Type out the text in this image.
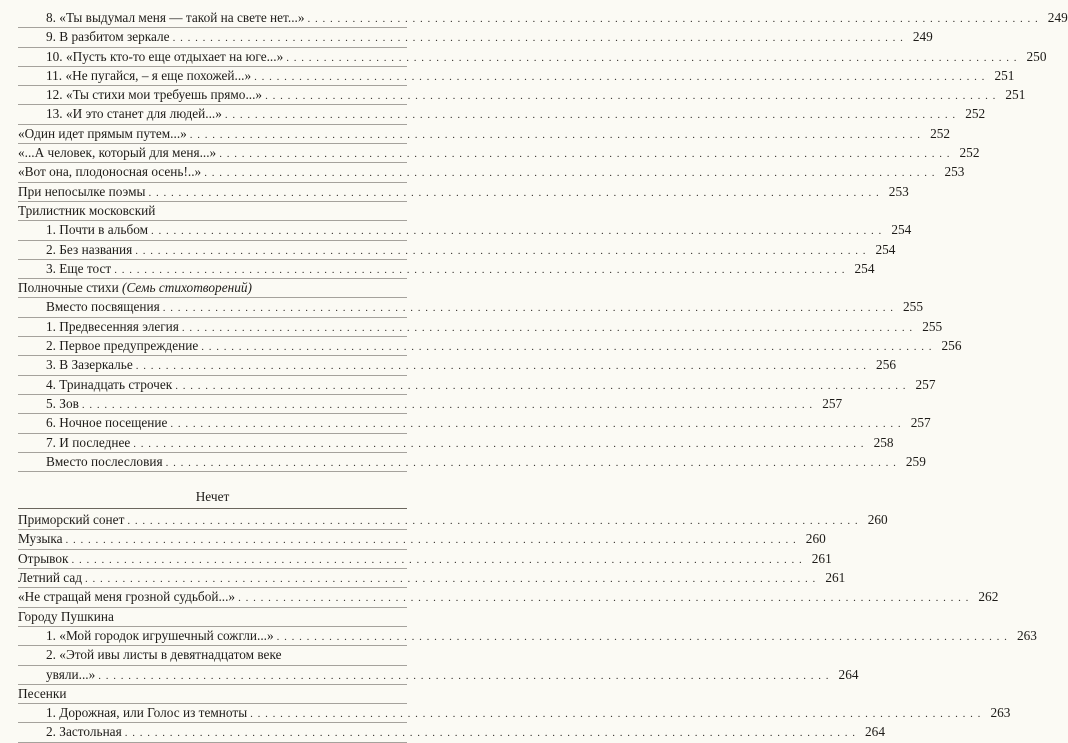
8. «Ты выдумал меня — такой на свете нет...» . . .	249
9. В разбитом зеркале . . .	249
10. «Пусть кто-то еще отдыхает на юге...» . . .	250
11. «Не пугайся, – я еще похожей...» . . .	251
12. «Ты стихи мои требуешь прямо...» . . .	251
13. «И это станет для людей...» . . .	252
«Один идет прямым путем...» . . .	252
«...А человек, который для меня...» . . .	252
«Вот она, плодоносная осень!..» . . .	253
При непосылке поэмы . . .	253
Трилистник московский
1. Почти в альбом . . .	254
2. Без названия . . .	254
3. Еще тост . . .	254
Полночные стихи (Семь стихотворений)
Вместо посвящения . . .	255
1. Предвесенняя элегия . . .	255
2. Первое предупреждение . . .	256
3. В Зазеркалье . . .	256
4. Тринадцать строчек . . .	257
5. Зов . . .	257
6. Ночное посещение . . .	257
7. И последнее . . .	258
Вместо послесловия . . .	259
Нечет
Приморский сонет . . .	260
Музыка . . .	260
Отрывок . . .	261
Летний сад . . .	261
«Не стращай меня грозной судьбой...» . . .	262
Городу Пушкина
1. «Мой городок игрушечный сожгли...» . . .	263
2. «Этой ивы листы в девятнадцатом веке
увяли...» . . .	264
Песенки
1. Дорожная, или Голос из темноты . . .	263
2. Застольная . . .	264
